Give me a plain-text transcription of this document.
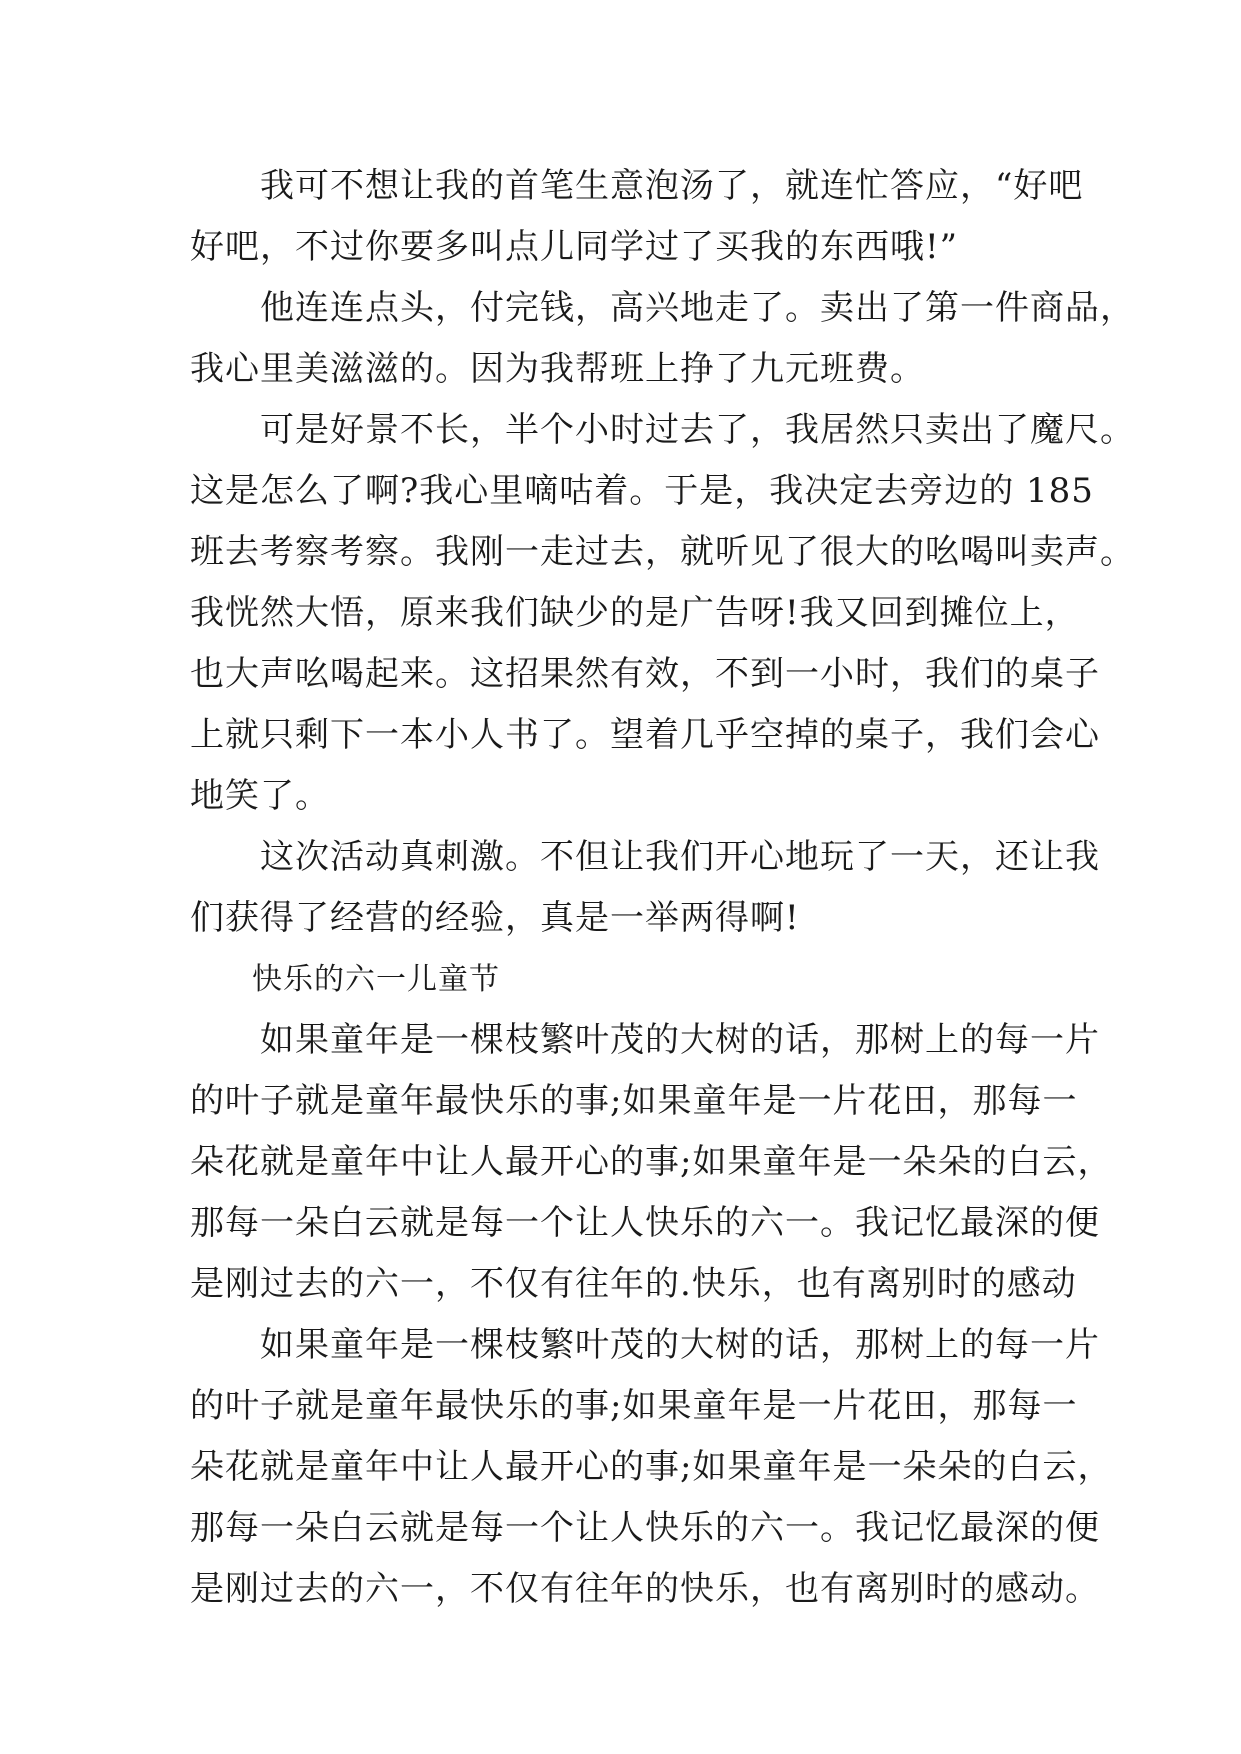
　　我可不想让我的首笔生意泡汤了，就连忙答应，“好吧
好吧，不过你要多叫点儿同学过了买我的东西哦!”
　　他连连点头，付完钱，高兴地走了。卖出了第一件商品，
我心里美滋滋的。因为我帮班上挣了九元班费。
　　可是好景不长，半个小时过去了，我居然只卖出了魔尺。
这是怎么了啊?我心里嘀咕着。于是，我决定去旁边的 185
班去考察考察。我刚一走过去，就听见了很大的吆喝叫卖声。
我恍然大悟，原来我们缺少的是广告呀!我又回到摊位上，
也大声吆喝起来。这招果然有效，不到一小时，我们的桌子
上就只剩下一本小人书了。望着几乎空掉的桌子，我们会心
地笑了。
　　这次活动真刺激。不但让我们开心地玩了一天，还让我
们获得了经营的经验，真是一举两得啊!
　　快乐的六一儿童节
　　如果童年是一棵枝繁叶茂的大树的话，那树上的每一片
的叶子就是童年最快乐的事;如果童年是一片花田，那每一
朵花就是童年中让人最开心的事;如果童年是一朵朵的白云，
那每一朵白云就是每一个让人快乐的六一。我记忆最深的便
是刚过去的六一，不仅有往年的.快乐，也有离别时的感动
　　如果童年是一棵枝繁叶茂的大树的话，那树上的每一片
的叶子就是童年最快乐的事;如果童年是一片花田，那每一
朵花就是童年中让人最开心的事;如果童年是一朵朵的白云，
那每一朵白云就是每一个让人快乐的六一。我记忆最深的便
是刚过去的六一，不仅有往年的快乐，也有离别时的感动。
